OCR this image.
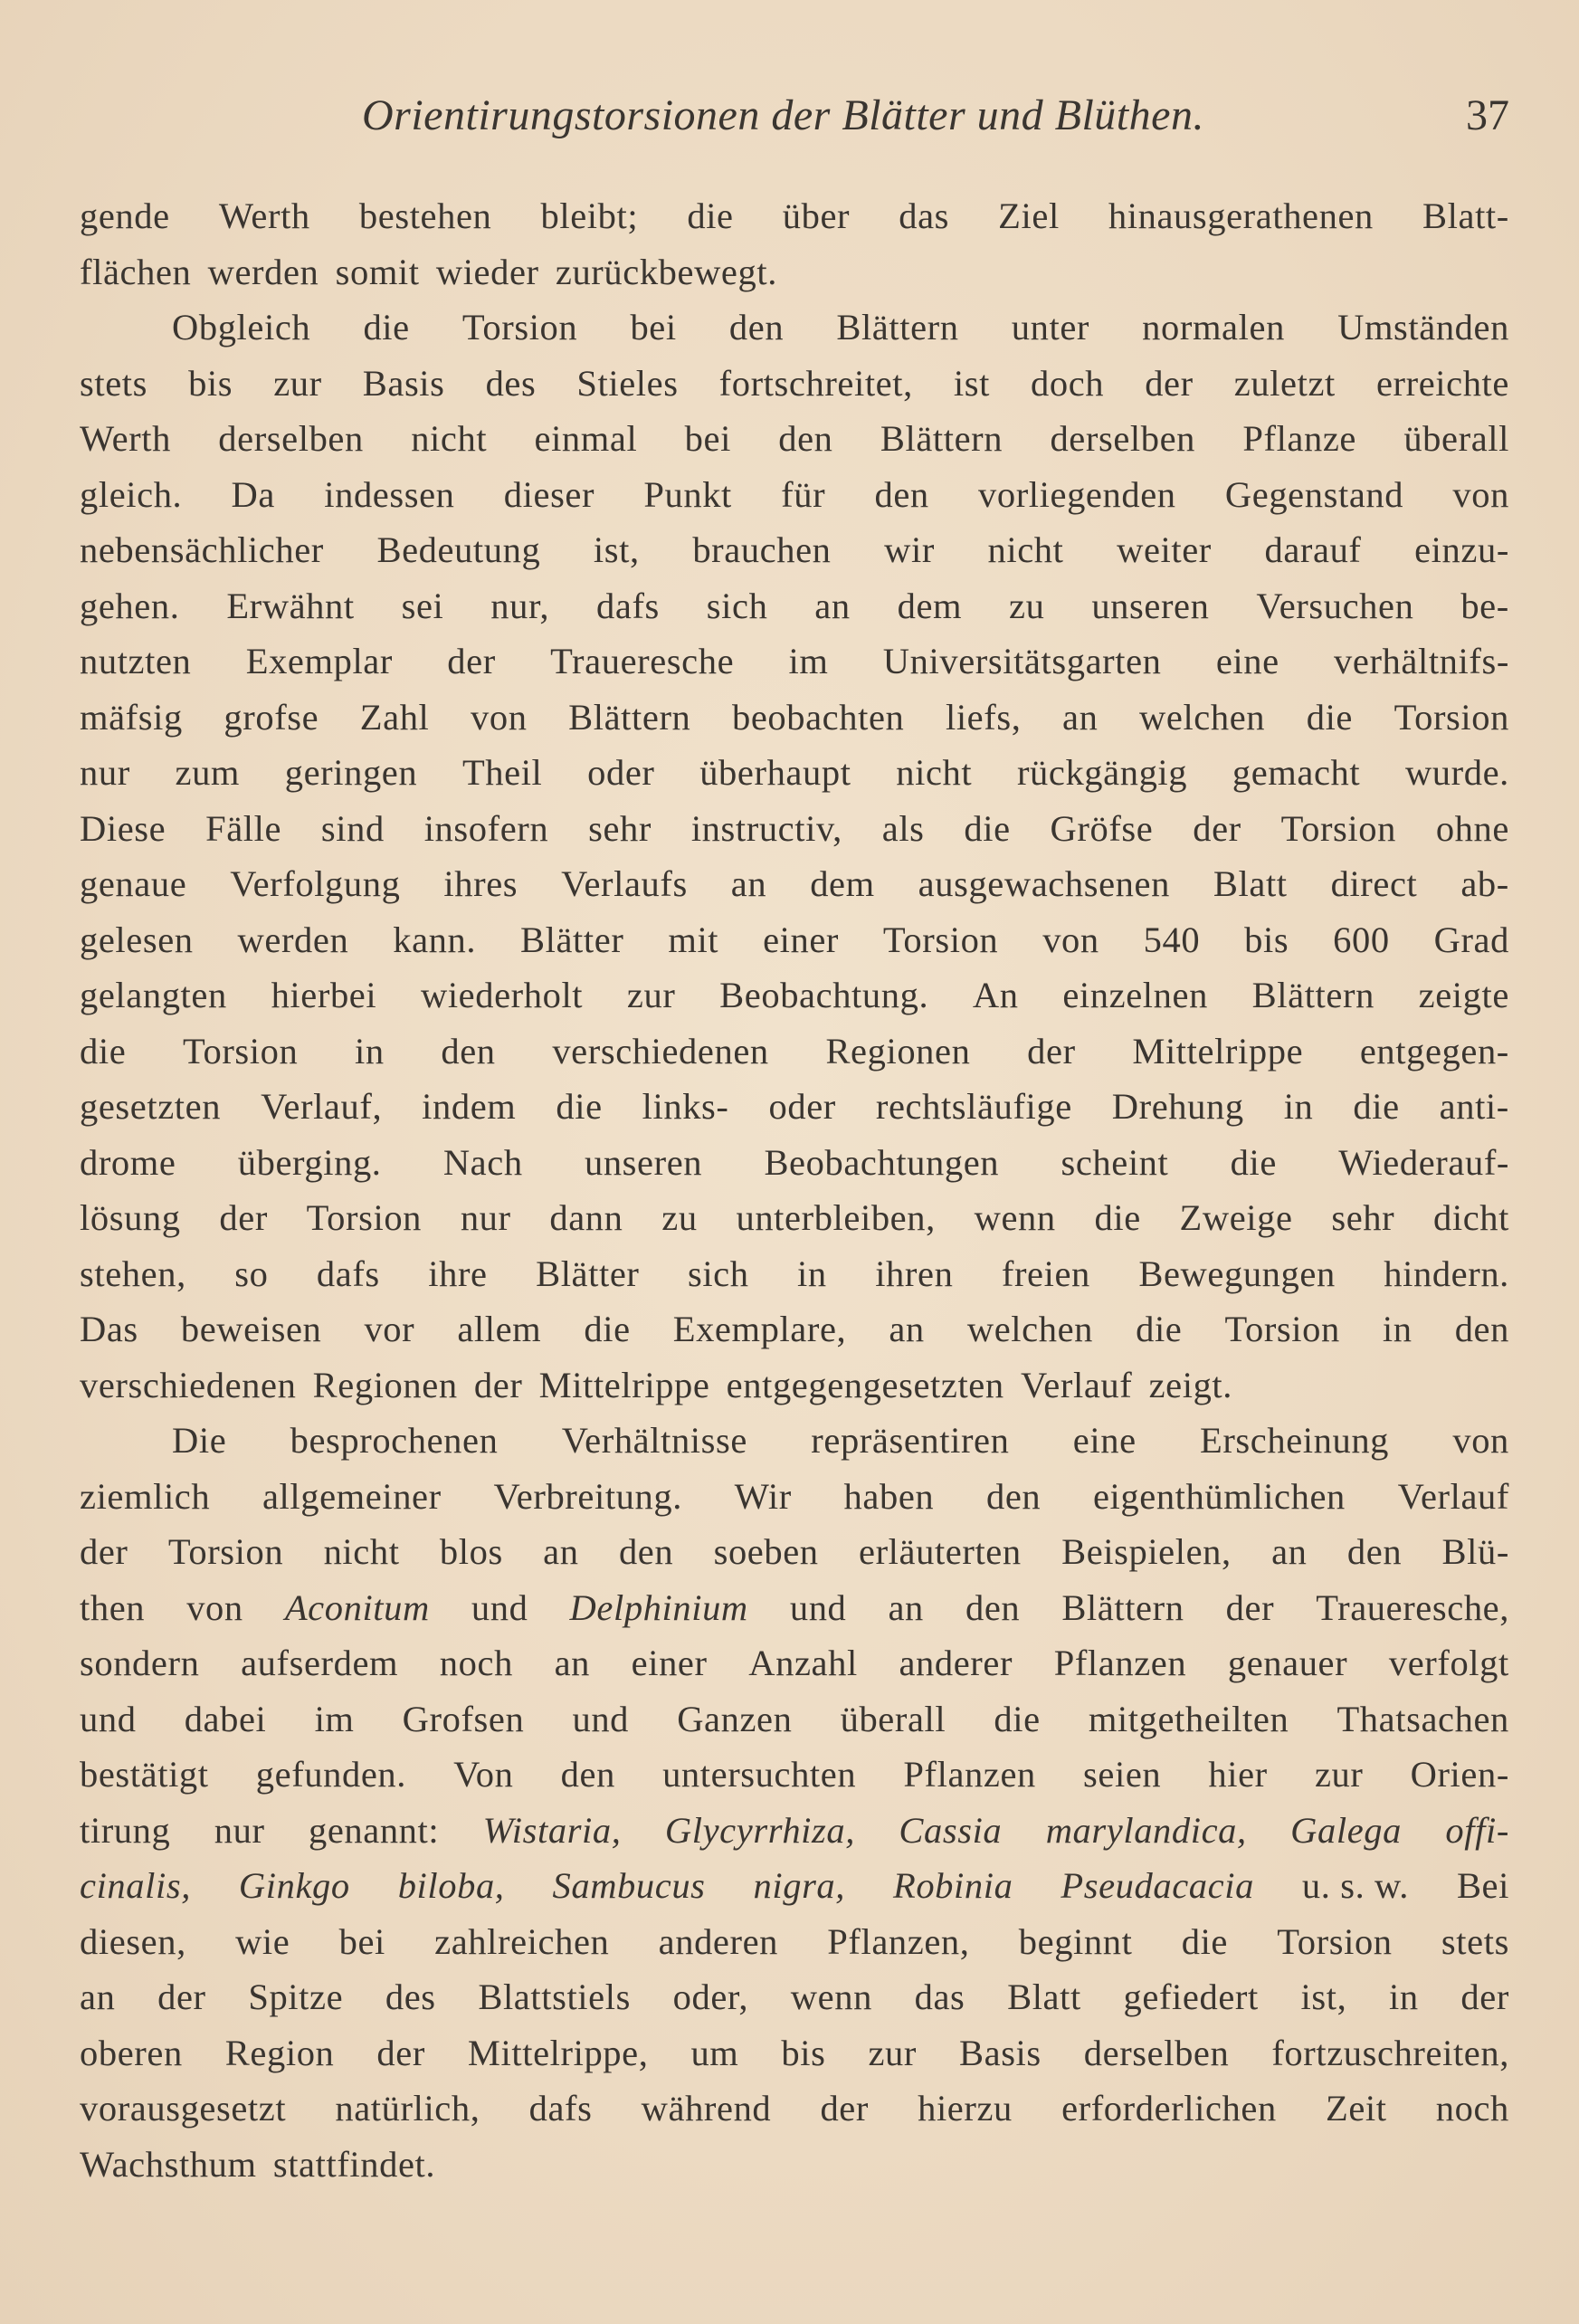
Orientirungstorsionen der Blätter und Blüthen.	37
gende Werth bestehen bleibt; die über das Ziel hinausgerathenen Blatt-
flächen werden somit wieder zurückbewegt.
Obgleich die Torsion bei den Blättern unter normalen Umständen
stets bis zur Basis des Stieles fortschreitet, ist doch der zuletzt erreichte
Werth derselben nicht einmal bei den Blättern derselben Pflanze überall
gleich. Da indessen dieser Punkt für den vorliegenden Gegenstand von
nebensächlicher Bedeutung ist, brauchen wir nicht weiter darauf einzu-
gehen. Erwähnt sei nur, dafs sich an dem zu unseren Versuchen be-
nutzten Exemplar der Traueresche im Universitätsgarten eine verhältnifs-
mäfsig grofse Zahl von Blättern beobachten liefs, an welchen die Torsion
nur zum geringen Theil oder überhaupt nicht rückgängig gemacht wurde.
Diese Fälle sind insofern sehr instructiv, als die Gröfse der Torsion ohne
genaue Verfolgung ihres Verlaufs an dem ausgewachsenen Blatt direct ab-
gelesen werden kann. Blätter mit einer Torsion von 540 bis 600 Grad
gelangten hierbei wiederholt zur Beobachtung. An einzelnen Blättern zeigte
die Torsion in den verschiedenen Regionen der Mittelrippe entgegen-
gesetzten Verlauf, indem die links- oder rechtsläufige Drehung in die anti-
drome überging. Nach unseren Beobachtungen scheint die Wiederauf-
lösung der Torsion nur dann zu unterbleiben, wenn die Zweige sehr dicht
stehen, so dafs ihre Blätter sich in ihren freien Bewegungen hindern.
Das beweisen vor allem die Exemplare, an welchen die Torsion in den
verschiedenen Regionen der Mittelrippe entgegengesetzten Verlauf zeigt.
Die besprochenen Verhältnisse repräsentiren eine Erscheinung von
ziemlich allgemeiner Verbreitung. Wir haben den eigenthümlichen Verlauf
der Torsion nicht blos an den soeben erläuterten Beispielen, an den Blü-
then von Aconitum und Delphinium und an den Blättern der Traueresche,
sondern aufserdem noch an einer Anzahl anderer Pflanzen genauer verfolgt
und dabei im Grofsen und Ganzen überall die mitgetheilten Thatsachen
bestätigt gefunden. Von den untersuchten Pflanzen seien hier zur Orien-
tirung nur genannt: Wistaria, Glycyrrhiza, Cassia marylandica, Galega offi-
cinalis, Ginkgo biloba, Sambucus nigra, Robinia Pseudacacia u. s. w. Bei
diesen, wie bei zahlreichen anderen Pflanzen, beginnt die Torsion stets
an der Spitze des Blattstiels oder, wenn das Blatt gefiedert ist, in der
oberen Region der Mittelrippe, um bis zur Basis derselben fortzuschreiten,
vorausgesetzt natürlich, dafs während der hierzu erforderlichen Zeit noch
Wachsthum stattfindet.
